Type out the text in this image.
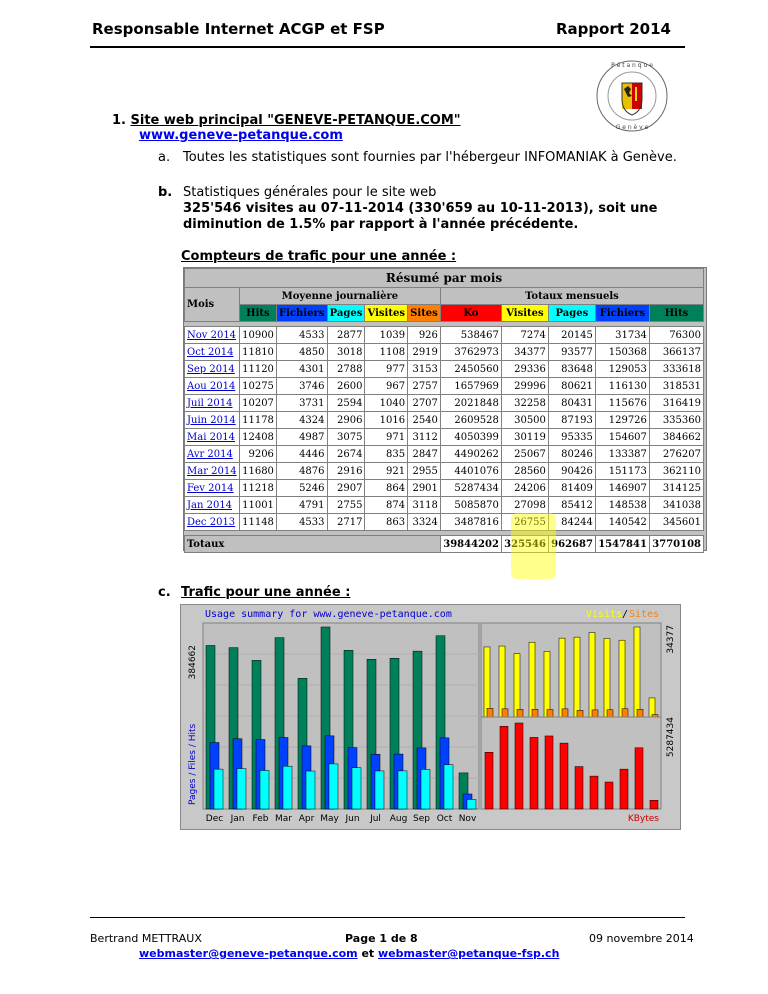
Responsable Internet ACGP et FSP	Rapport 2014
P é t a n q u e
G e n è v e
1. Site web principal "GENEVE-PETANQUE.COM"
www.geneve-petanque.com
a. Toutes les statistiques sont fournies par l'hébergeur INFOMANIAK à Genève.
b. Statistiques générales pour le site web
325'546 visites au 07-11-2014 (330'659 au 10-11-2013), soit une diminution de 1.5% par rapport à l'année précédente.
Compteurs de trafic pour une année :
Résumé par mois										
Mois	Moyenne journalière					Totaux mensuels				
	Hits	Fichiers	Pages	Visites	Sites	Ko	Visites	Pages	Fichiers	Hits

Nov 2014	10900	4533	2877	1039	926	538467	7274	20145	31734	76300
Oct 2014	11810	4850	3018	1108	2919	3762973	34377	93577	150368	366137
Sep 2014	11120	4301	2788	977	3153	2450560	29336	83648	129053	333618
Aou 2014	10275	3746	2600	967	2757	1657969	29996	80621	116130	318531
Juil 2014	10207	3731	2594	1040	2707	2021848	32258	80431	115676	316419
Juin 2014	11178	4324	2906	1016	2540	2609528	30500	87193	129726	335360
Mai 2014	12408	4987	3075	971	3112	4050399	30119	95335	154607	384662
Avr 2014	9206	4446	2674	835	2847	4490262	25067	80246	133387	276207
Mar 2014	11680	4876	2916	921	2955	4401076	28560	90426	151173	362110
Fev 2014	11218	5246	2907	864	2901	5287434	24206	81409	146907	314125
Jan 2014	11001	4791	2755	874	3118	5085870	27098	85412	148538	341038
Dec 2013	11148	4533	2717	863	3324	3487816	26755	84244	140542	345601

Totaux						39844202	325546	962687	1547841	3770108
c. Trafic pour une année :
Usage summary for www.geneve-petanque.com	Visits / Sites
Dec Jan Feb Mar Apr May Jun Jul Aug Sep Oct Nov
384662
Pages / Files / Hits
34377
5287434
KBytes
Bertrand METTRAUX	Page 1 de 8	09 novembre 2014
webmaster@geneve-petanque.com et webmaster@petanque-fsp.ch
